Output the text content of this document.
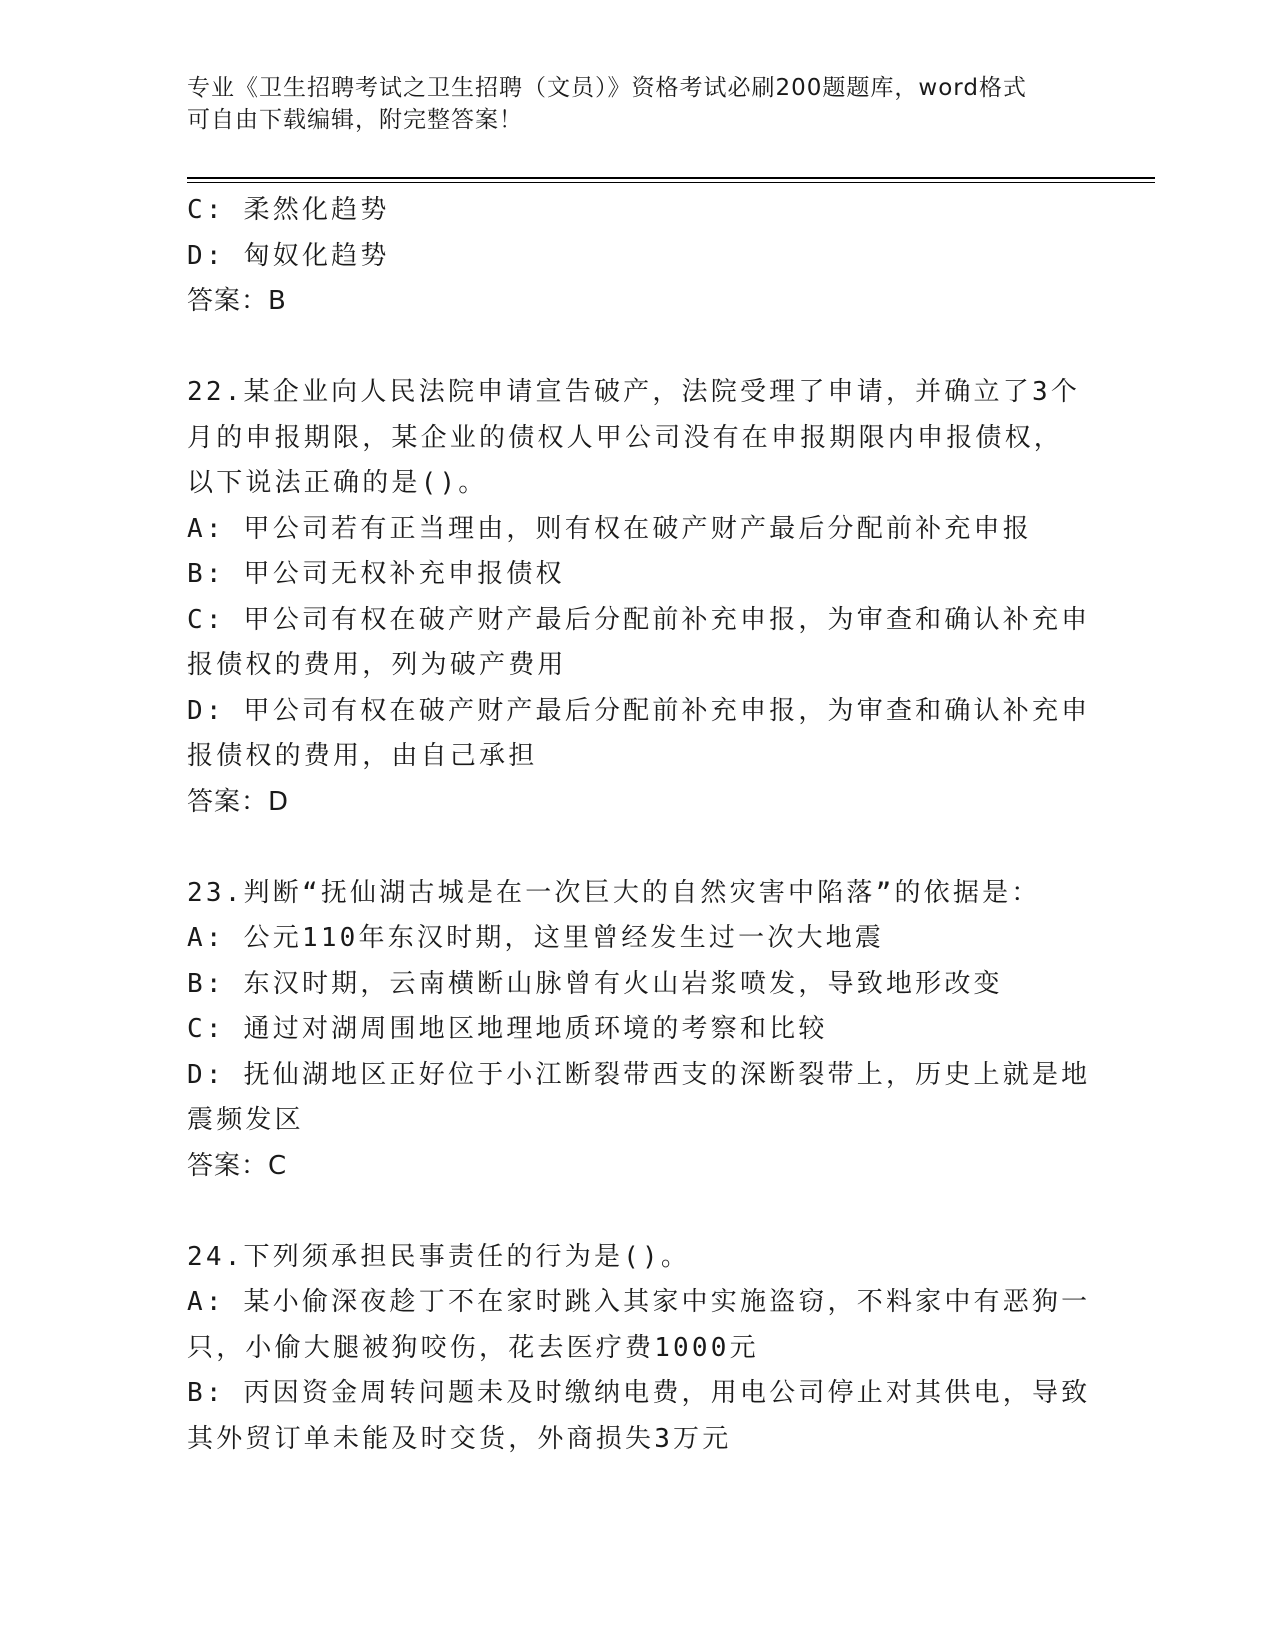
专业《卫生招聘考试之卫生招聘（文员）》资格考试必刷200题题库，word格式
可自由下载编辑，附完整答案！
C: 柔然化趋势
D: 匈奴化趋势
答案：B
22.某企业向人民法院申请宣告破产，法院受理了申请，并确立了3个
月的申报期限，某企业的债权人甲公司没有在申报期限内申报债权，
以下说法正确的是()。
A: 甲公司若有正当理由，则有权在破产财产最后分配前补充申报
B: 甲公司无权补充申报债权
C: 甲公司有权在破产财产最后分配前补充申报，为审查和确认补充申
报债权的费用，列为破产费用
D: 甲公司有权在破产财产最后分配前补充申报，为审查和确认补充申
报债权的费用，由自己承担
答案：D
23.判断“抚仙湖古城是在一次巨大的自然灾害中陷落”的依据是：
A: 公元110年东汉时期，这里曾经发生过一次大地震
B: 东汉时期，云南横断山脉曾有火山岩浆喷发，导致地形改变
C: 通过对湖周围地区地理地质环境的考察和比较
D: 抚仙湖地区正好位于小江断裂带西支的深断裂带上，历史上就是地
震频发区
答案：C
24.下列须承担民事责任的行为是()。
A: 某小偷深夜趁丁不在家时跳入其家中实施盗窃，不料家中有恶狗一
只，小偷大腿被狗咬伤，花去医疗费1000元
B: 丙因资金周转问题未及时缴纳电费，用电公司停止对其供电，导致
其外贸订单未能及时交货，外商损失3万元
